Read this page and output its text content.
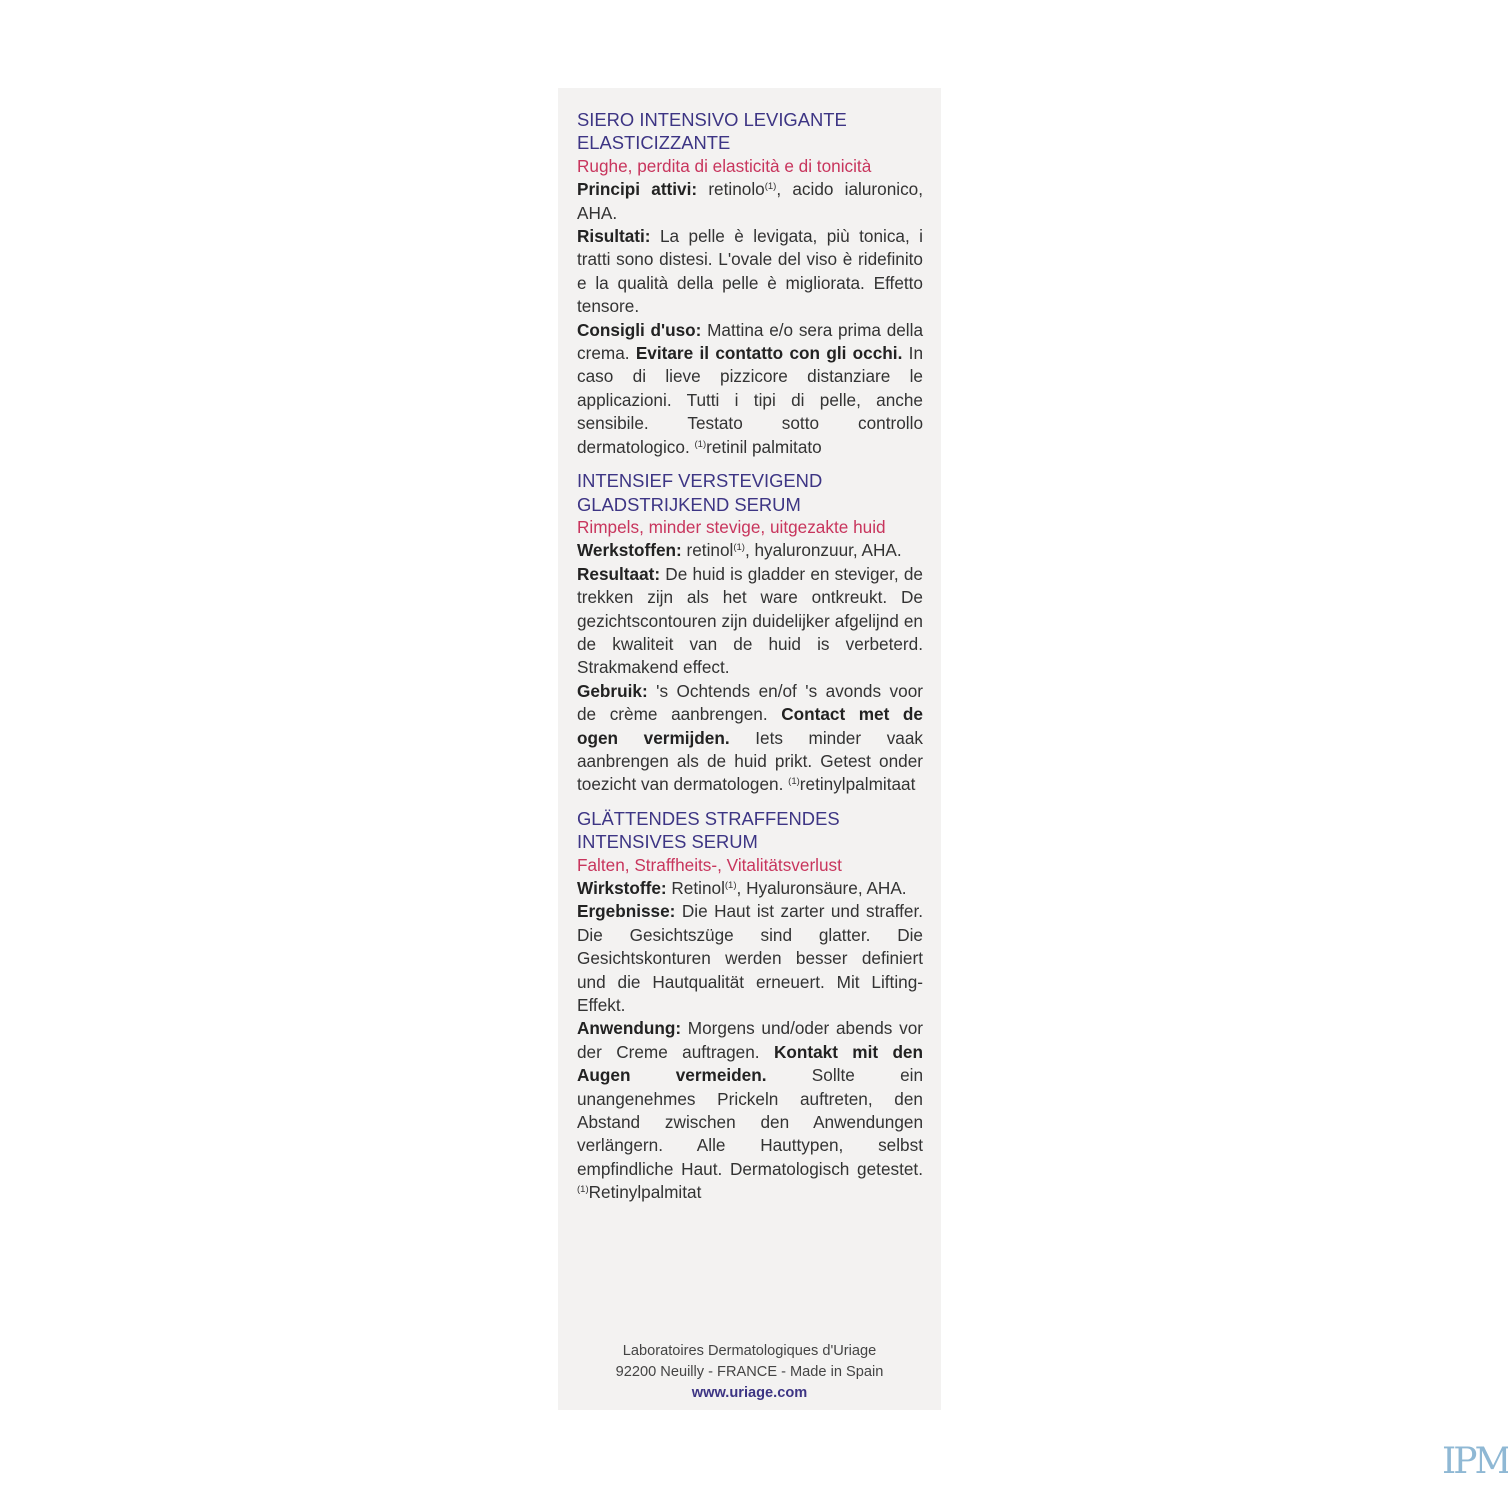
SIERO INTENSIVO LEVIGANTE ELASTICIZZANTE
Rughe, perdita di elasticità e di tonicità
Principi attivi: retinolo$^{(1)}$, acido ialuronico, AHA.
Risultati: La pelle è levigata, più tonica, i tratti sono distesi. L'ovale del viso è ridefinito e la qualità della pelle è migliorata. Effetto tensore.
Consigli d'uso: Mattina e/o sera prima della crema. Evitare il contatto con gli occhi. In caso di lieve pizzicore distanziare le applicazioni. Tutti i tipi di pelle, anche sensibile. Testato sotto controllo dermatologico. $^{(1)}$retinil palmitato
INTENSIEF VERSTEVIGEND GLADSTRIJKEND SERUM
Rimpels, minder stevige, uitgezakte huid
Werkstoffen: retinol$^{(1)}$, hyaluronzuur, AHA.
Resultaat: De huid is gladder en steviger, de trekken zijn als het ware ontkreukt. De gezichtscontouren zijn duidelijker afgelijnd en de kwaliteit van de huid is verbeterd. Strakmakend effect.
Gebruik: 's Ochtends en/of 's avonds voor de crème aanbrengen. Contact met de ogen vermijden. Iets minder vaak aanbrengen als de huid prikt. Getest onder toezicht van dermatologen. $^{(1)}$retinylpalmitaat
GLÄTTENDES STRAFFENDES INTENSIVES SERUM
Falten, Straffheits-, Vitalitätsverlust
Wirkstoffe: Retinol$^{(1)}$, Hyaluronsäure, AHA.
Ergebnisse: Die Haut ist zarter und straffer. Die Gesichtszüge sind glatter. Die Gesichtskonturen werden besser definiert und die Hautqualität erneuert. Mit Lifting-Effekt.
Anwendung: Morgens und/oder abends vor der Creme auftragen. Kontakt mit den Augen vermeiden. Sollte ein unangenehmes Prickeln auftreten, den Abstand zwischen den Anwendungen verlängern. Alle Hauttypen, selbst empfindliche Haut. Dermatologisch getestet. $^{(1)}$Retinylpalmitat
Laboratoires Dermatologiques d'Uriage
92200 Neuilly - FRANCE - Made in Spain
www.uriage.com
IPM
